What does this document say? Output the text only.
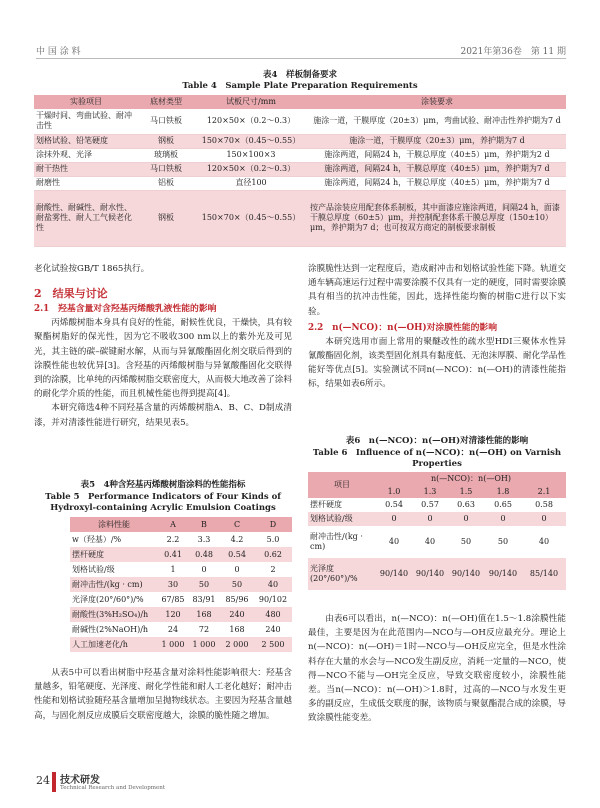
中 国 涂 料	2021年第36卷　第 11 期
表4　样板制备要求
Table 4　Sample Plate Preparation Requirements
实验项目	底材类型	试板尺寸/mm	涂装要求
干燥时间、弯曲试验、耐冲击性	马口铁板	120×50×（0.2～0.3）	施涂一道，干膜厚度（20±3）μm，弯曲试验、耐冲击性养护期为7 d
划格试验、铅笔硬度	钢板	150×70×（0.45～0.55）	施涂一道，干膜厚度（20±3）μm，养护期为7 d
涂抹外观、光泽	玻璃板	150×100×3	施涂两道，间隔24 h，干膜总厚度（40±5）μm，养护期为2 d
耐干热性	马口铁板	120×50×（0.2～0.3）	施涂两道，间隔24 h，干膜总厚度（40±5）μm，养护期为7 d
耐磨性	铝板	直径100	施涂两道，间隔24 h，干膜总厚度（40±5）μm，养护期为7 d
耐酸性、耐碱性、耐水性、耐盐雾性、耐人工气候老化性	钢板	150×70×（0.45～0.55）	按产品涂装应用配套体系制板，其中面漆应施涂两道，间隔24 h，面漆干膜总厚度（60±5）μm，并控制配套体系干膜总厚度（150±10）μm，养护期为7 d；也可按双方商定的制板要求制板

老化试验按GB/T 1865执行。

2　结果与讨论
2.1　羟基含量对含羟基丙烯酸乳液性能的影响

丙烯酸树脂本身具有良好的性能，耐候性优良，干燥快，具有较聚酯树脂好的保光性，因为它不吸收300 nm以上的紫外光及可见光，其主链的碳–碳键耐水解，从而与异氰酸酯固化剂交联后得到的涂膜性能也较优异[3]。含羟基的丙烯酸树脂与异氰酸酯固化交联得到的涂膜，比单纯的丙烯酸树脂交联密度大，从而极大地改善了涂料的耐化学介质的性能，而且机械性能也得到提高[4]。

本研究筛选4种不同羟基含量的丙烯酸树脂A、B、C、D制成清漆，并对清漆性能进行研究，结果见表5。

表5　4种含羟基丙烯酸树脂涂料的性能指标
Table 5　Performance Indicators of Four Kinds of
Hydroxyl-containing Acrylic Emulsion Coatings
涂料性能	A	B	C	D
w（羟基）/%	2.2	3.3	4.2	5.0
摆杆硬度	0.41	0.48	0.54	0.62
划格试验/级	1	0	0	2
耐冲击性/(kg · cm)	30	50	50	40
光泽度(20°/60°)/%	67/85	83/91	85/96	90/102
耐酸性(3%H₂SO₄)/h	120	168	240	480
耐碱性(2%NaOH)/h	24	72	168	240
人工加速老化/h	1 000	1 000	2 000	2 500

从表5中可以看出树脂中羟基含量对涂料性能影响很大：羟基含量越多，铅笔硬度、光泽度、耐化学性能和耐人工老化越好；耐冲击性能和划格试验随羟基含量增加呈抛物线状态。主要因为羟基含量越高，与固化剂反应成膜后交联密度越大，涂膜的脆性随之增加。

涂膜脆性达到一定程度后，造成耐冲击和划格试验性能下降。轨道交通车辆高速运行过程中需要涂膜不仅具有一定的硬度，同时需要涂膜具有相当的抗冲击性能，因此，选择性能均衡的树脂C进行以下实验。

2.2　n(—NCO)：n(—OH)对涂膜性能的影响

本研究选用市面上常用的聚醚改性的疏水型HDI三聚体水性异氰酸酯固化剂，该类型固化剂具有黏度低、无泡沫厚膜、耐化学品性能好等优点[5]。实验测试不同n(—NCO)：n(—OH)的清漆性能指标，结果如表6所示。

表6　n(—NCO)：n(—OH)对清漆性能的影响
Table 6　Influence of n(—NCO)：n(—OH) on Varnish
Properties
项目	n(—NCO)：n(—OH)				
	1.0	1.3	1.5	1.8	2.1
摆杆硬度	0.54	0.57	0.63	0.65	0.58
划格试验/级	0	0	0	0	0
耐冲击性/(kg · cm)	40	40	50	50	40
光泽度(20°/60°)/%	90/140	90/140	90/140	90/140	85/140

由表6可以看出，n(—NCO)：n(—OH)值在1.5～1.8涂膜性能最佳，主要是因为在此范围内—NCO与—OH反应最充分。理论上n(—NCO)：n(—OH)＝1时—NCO与—OH反应完全，但是水性涂料存在大量的水会与—NCO发生副反应，消耗一定量的—NCO，使得—NCO不能与—OH完全反应，导致交联密度较小，涂膜性能差。当n(—NCO)：n(—OH)＞1.8时，过高的—NCO与水发生更多的副反应，生成低交联度的脲，该物质与聚氨酯混合成的涂膜，导致涂膜性能变差。

24 技术研发
Technical Research and Development
